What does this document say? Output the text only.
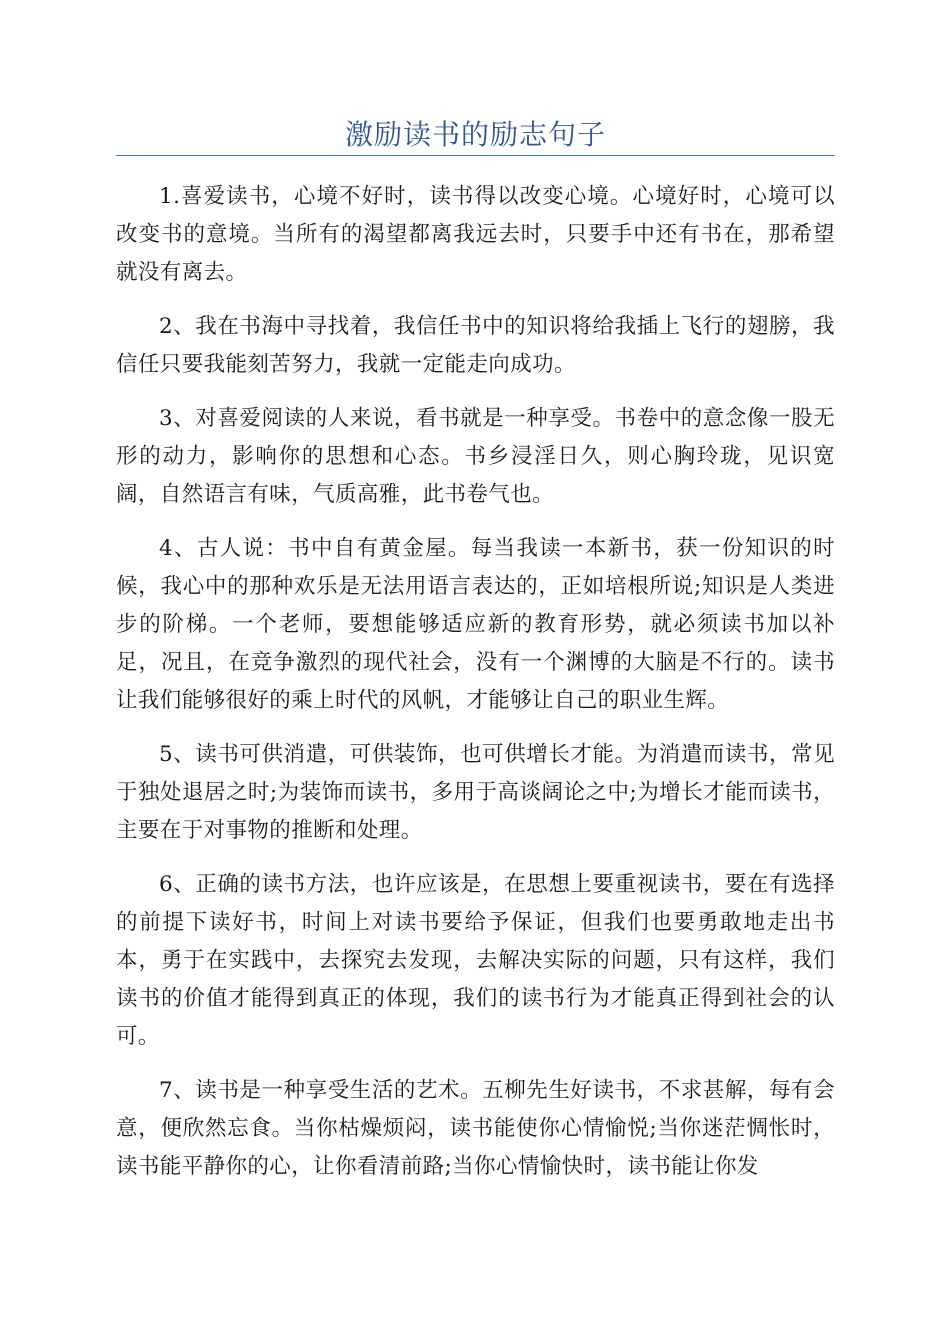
激励读书的励志句子

1.喜爱读书，心境不好时，读书得以改变心境。心境好时，心境可以改变书的意境。当所有的渴望都离我远去时，只要手中还有书在，那希望就没有离去。

2、我在书海中寻找着，我信任书中的知识将给我插上飞行的翅膀，我信任只要我能刻苦努力，我就一定能走向成功。

3、对喜爱阅读的人来说，看书就是一种享受。书卷中的意念像一股无形的动力，影响你的思想和心态。书乡浸淫日久，则心胸玲珑，见识宽阔，自然语言有味，气质高雅，此书卷气也。

4、古人说：书中自有黄金屋。每当我读一本新书，获一份知识的时候，我心中的那种欢乐是无法用语言表达的，正如培根所说;知识是人类进步的阶梯。一个老师，要想能够适应新的教育形势，就必须读书加以补足，况且，在竞争激烈的现代社会，没有一个渊博的大脑是不行的。读书让我们能够很好的乘上时代的风帆，才能够让自己的职业生辉。

5、读书可供消遣，可供装饰，也可供增长才能。为消遣而读书，常见于独处退居之时;为装饰而读书，多用于高谈阔论之中;为增长才能而读书，主要在于对事物的推断和处理。

6、正确的读书方法，也许应该是，在思想上要重视读书，要在有选择的前提下读好书，时间上对读书要给予保证，但我们也要勇敢地走出书本，勇于在实践中，去探究去发现，去解决实际的问题，只有这样，我们读书的价值才能得到真正的体现，我们的读书行为才能真正得到社会的认可。

7、读书是一种享受生活的艺术。五柳先生好读书，不求甚解，每有会意，便欣然忘食。当你枯燥烦闷，读书能使你心情愉悦;当你迷茫惆怅时，读书能平静你的心，让你看清前路;当你心情愉快时，读书能让你发
